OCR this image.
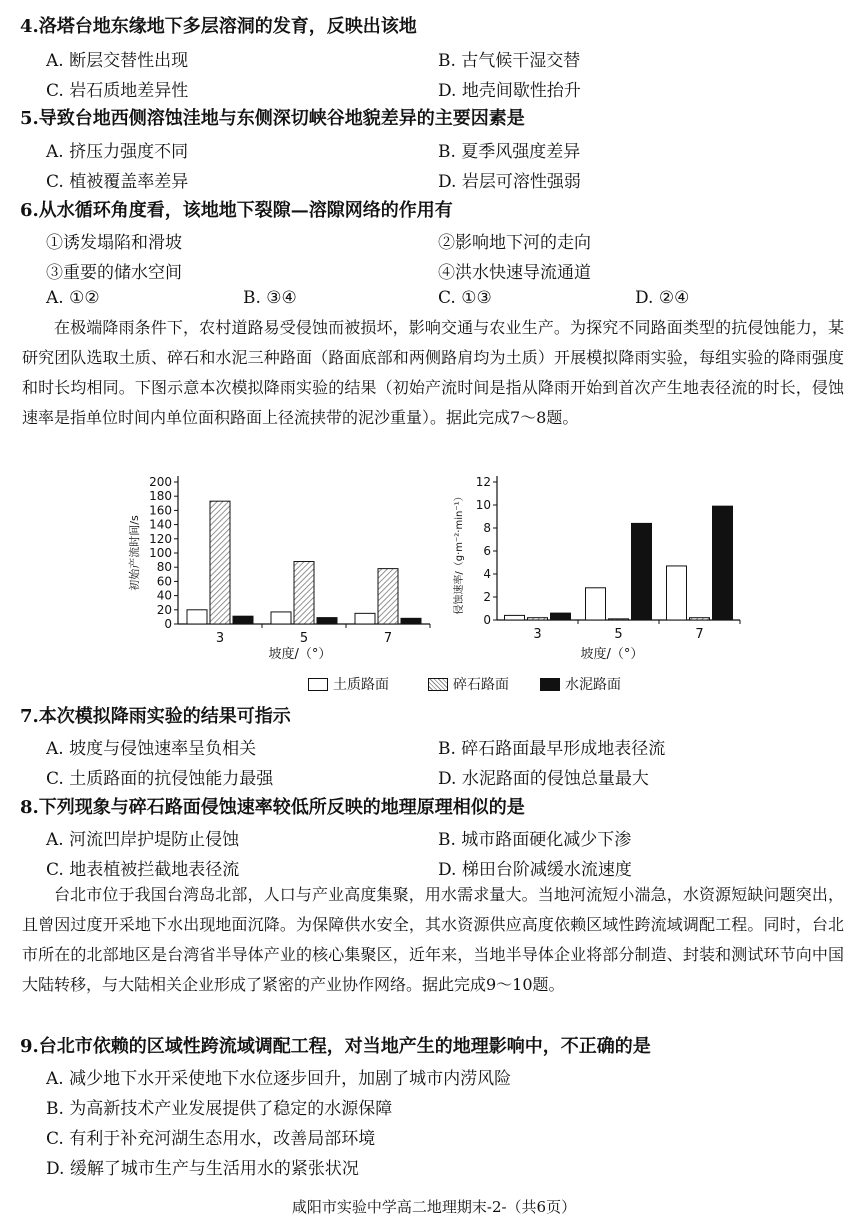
4.洛塔台地东缘地下多层溶洞的发育，反映出该地
A. 断层交替性出现	B. 古气候干湿交替
C. 岩石质地差异性	D. 地壳间歇性抬升
5.导致台地西侧溶蚀洼地与东侧深切峡谷地貌差异的主要因素是
A. 挤压力强度不同	B. 夏季风强度差异
C. 植被覆盖率差异	D. 岩层可溶性强弱
6.从水循环角度看，该地地下裂隙—溶隙网络的作用有
①诱发塌陷和滑坡	②影响地下河的走向
③重要的储水空间	④洪水快速导流通道
A. ①②	B. ③④	C. ①③	D. ②④

在极端降雨条件下，农村道路易受侵蚀而被损坏，影响交通与农业生产。为探究不同路面类型的抗侵蚀能力，某研究团队选取土质、碎石和水泥三种路面（路面底部和两侧路肩均为土质）开展模拟降雨实验，每组实验的降雨强度和时长均相同。下图示意本次模拟降雨实验的结果（初始产流时间是指从降雨开始到首次产生地表径流的时长，侵蚀速率是指单位时间内单位面积路面上径流挟带的泥沙重量）。据此完成7～8题。

初始产流时间/s
坡度/（°）
0
20
40
60
80
100
120
140
160
180
200
3	5	7
侵蚀速率/（g·m⁻²·min⁻¹）
坡度/（°）
0
2
4
6
8
10
12
3	5	7
土质路面	碎石路面	水泥路面
7.本次模拟降雨实验的结果可指示
A. 坡度与侵蚀速率呈负相关	B. 碎石路面最早形成地表径流
C. 土质路面的抗侵蚀能力最强	D. 水泥路面的侵蚀总量最大
8.下列现象与碎石路面侵蚀速率较低所反映的地理原理相似的是
A. 河流凹岸护堤防止侵蚀	B. 城市路面硬化减少下渗
C. 地表植被拦截地表径流	D. 梯田台阶减缓水流速度

台北市位于我国台湾岛北部，人口与产业高度集聚，用水需求量大。当地河流短小湍急，水资源短缺问题突出，且曾因过度开采地下水出现地面沉降。为保障供水安全，其水资源供应高度依赖区域性跨流域调配工程。同时，台北市所在的北部地区是台湾省半导体产业的核心集聚区，近年来，当地半导体企业将部分制造、封装和测试环节向中国大陆转移，与大陆相关企业形成了紧密的产业协作网络。据此完成9～10题。

9.台北市依赖的区域性跨流域调配工程，对当地产生的地理影响中，不正确的是
A. 减少地下水开采使地下水位逐步回升，加剧了城市内涝风险
B. 为高新技术产业发展提供了稳定的水源保障
C. 有利于补充河湖生态用水，改善局部环境
D. 缓解了城市生产与生活用水的紧张状况
咸阳市实验中学高二地理期末-2-（共6页）
